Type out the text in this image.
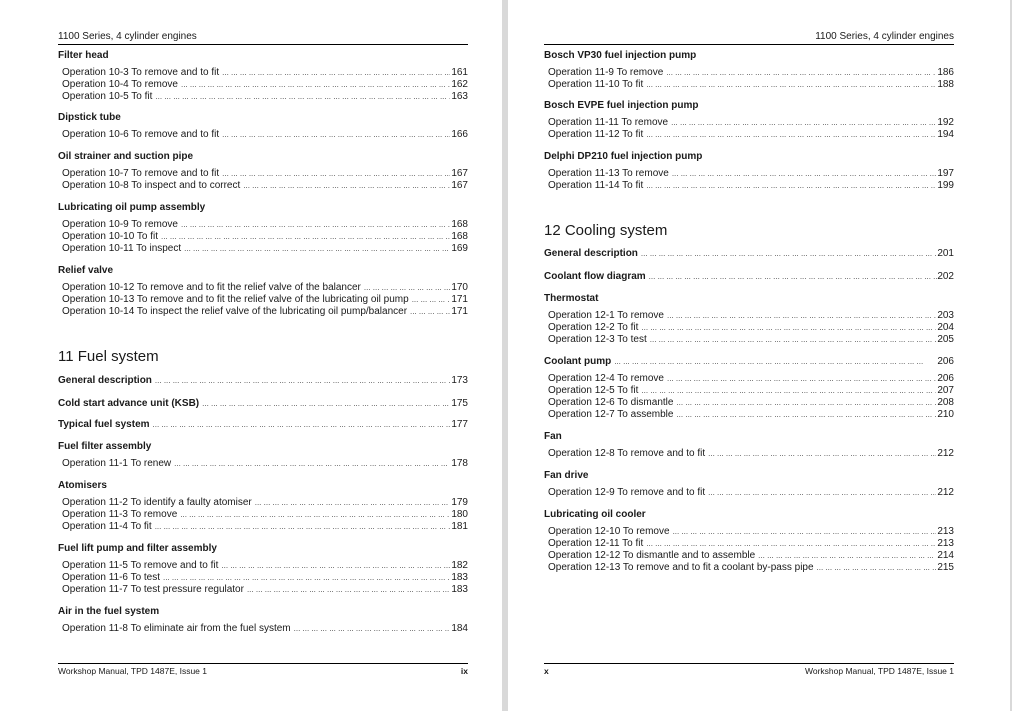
1100 Series, 4 cylinder engines

Filter head

Operation 10-3 To remove and to fit ... .	161
Operation 10-4 To remove ... .	162
Operation 10-5 To fit ... .	163

Dipstick tube

Operation 10-6 To remove and to fit ... .	166

Oil strainer and suction pipe

Operation 10-7 To remove and to fit ... .	167
Operation 10-8 To inspect and to correct ... .	167

Lubricating oil pump assembly

Operation 10-9 To remove ... .	168
Operation 10-10 To fit ... .	168
Operation 10-11 To inspect ... .	169

Relief valve

Operation 10-12 To remove and to fit the relief valve of the balancer ... .	170
Operation 10-13 To remove and to fit the relief valve of the lubricating oil pump ... .	171
Operation 10-14 To inspect the relief valve of the lubricating oil pump/balancer ... .	171

11 Fuel system

General description ... .	173
Cold start advance unit (KSB) ... .	175
Typical fuel system ... .	177

Fuel filter assembly

Operation 11-1 To renew ... .	178

Atomisers

Operation 11-2 To identify a faulty atomiser ... .	179
Operation 11-3 To remove ... .	180
Operation 11-4 To fit ... .	181

Fuel lift pump and filter assembly

Operation 11-5 To remove and to fit ... .	182
Operation 11-6 To test ... .	183
Operation 11-7 To test pressure regulator ... .	183

Air in the fuel system

Operation 11-8 To eliminate air from the fuel system ... .	184
Workshop Manual, TPD 1487E, Issue 1	ix
1100 Series, 4 cylinder engines

Bosch VP30 fuel injection pump

Operation 11-9 To remove ... .	186
Operation 11-10 To fit ... .	188

Bosch EVPE fuel injection pump

Operation 11-11 To remove ... .	192
Operation 11-12 To fit ... .	194

Delphi DP210 fuel injection pump

Operation 11-13 To remove ... .	197
Operation 11-14 To fit ... .	199

12 Cooling system

General description ... .	201
Coolant flow diagram ... .	202

Thermostat

Operation 12-1 To remove ... .	203
Operation 12-2 To fit ... .	204
Operation 12-3 To test ... .	205
Coolant pump ... .	206
Operation 12-4 To remove ... .	206
Operation 12-5 To fit ... .	207
Operation 12-6 To dismantle ... .	208
Operation 12-7 To assemble ... .	210

Fan

Operation 12-8 To remove and to fit ... .	212

Fan drive

Operation 12-9 To remove and to fit ... .	212

Lubricating oil cooler

Operation 12-10 To remove ... .	213
Operation 12-11 To fit ... .	213
Operation 12-12 To dismantle and to assemble ... .	214
Operation 12-13 To remove and to fit a coolant by-pass pipe ... .	215
x	Workshop Manual, TPD 1487E, Issue 1
